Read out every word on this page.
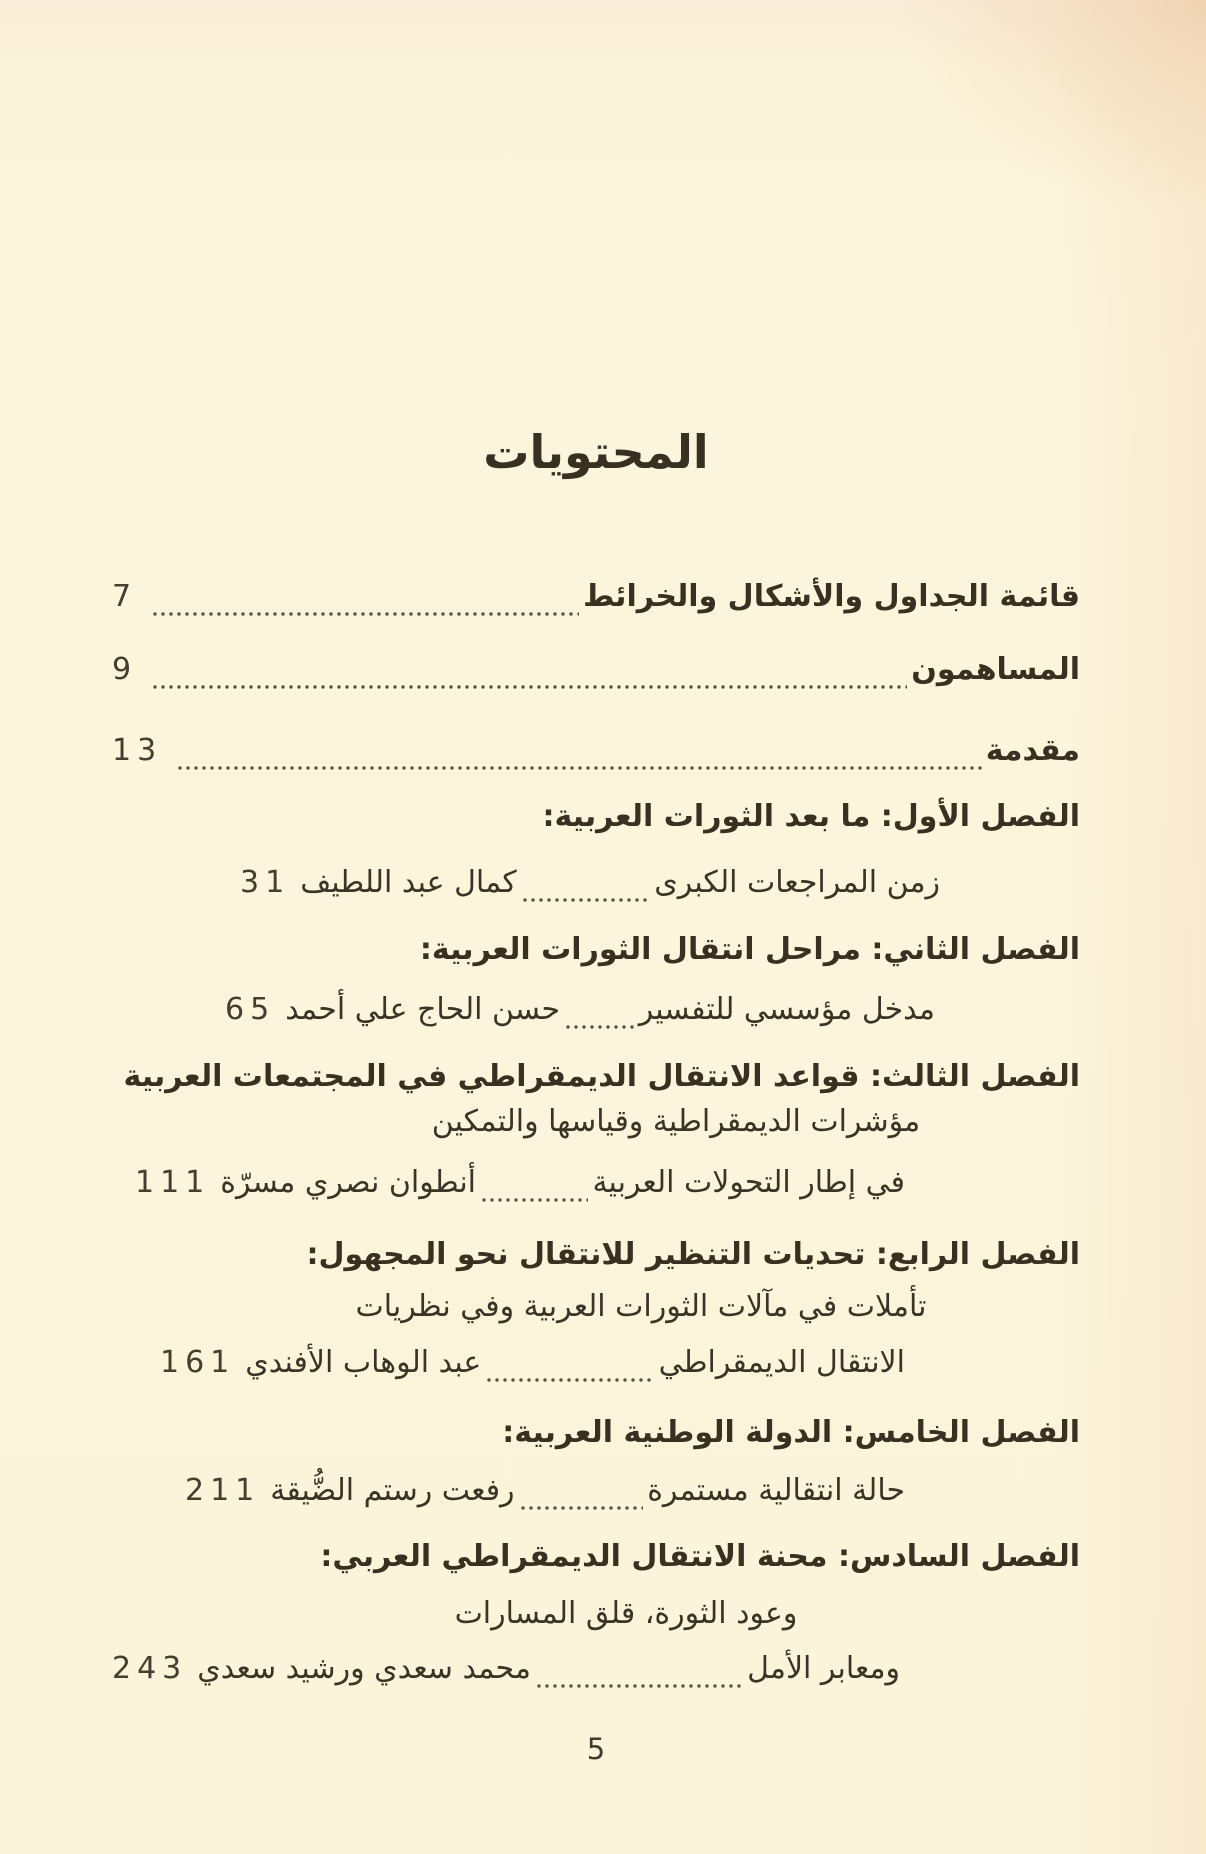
المحتويات
قائمة الجداول والأشكال والخرائط
7
المساهمون
9
مقدمة
13
الفصل الأول: ما بعد الثورات العربية:
زمن المراجعات الكبرى
كمال عبد اللطيف
31
الفصل الثاني: مراحل انتقال الثورات العربية:
مدخل مؤسسي للتفسير
حسن الحاج علي أحمد
65
الفصل الثالث: قواعد الانتقال الديمقراطي في المجتمعات العربية
مؤشرات الديمقراطية وقياسها والتمكين
في إطار التحولات العربية
أنطوان نصري مسرّة
111
الفصل الرابع: تحديات التنظير للانتقال نحو المجهول:
تأملات في مآلات الثورات العربية وفي نظريات
الانتقال الديمقراطي
عبد الوهاب الأفندي
161
الفصل الخامس: الدولة الوطنية العربية:
حالة انتقالية مستمرة
رفعت رستم الضُّيقة
211
الفصل السادس: محنة الانتقال الديمقراطي العربي:
وعود الثورة، قلق المسارات
ومعابر الأمل
محمد سعدي ورشيد سعدي
243
5
